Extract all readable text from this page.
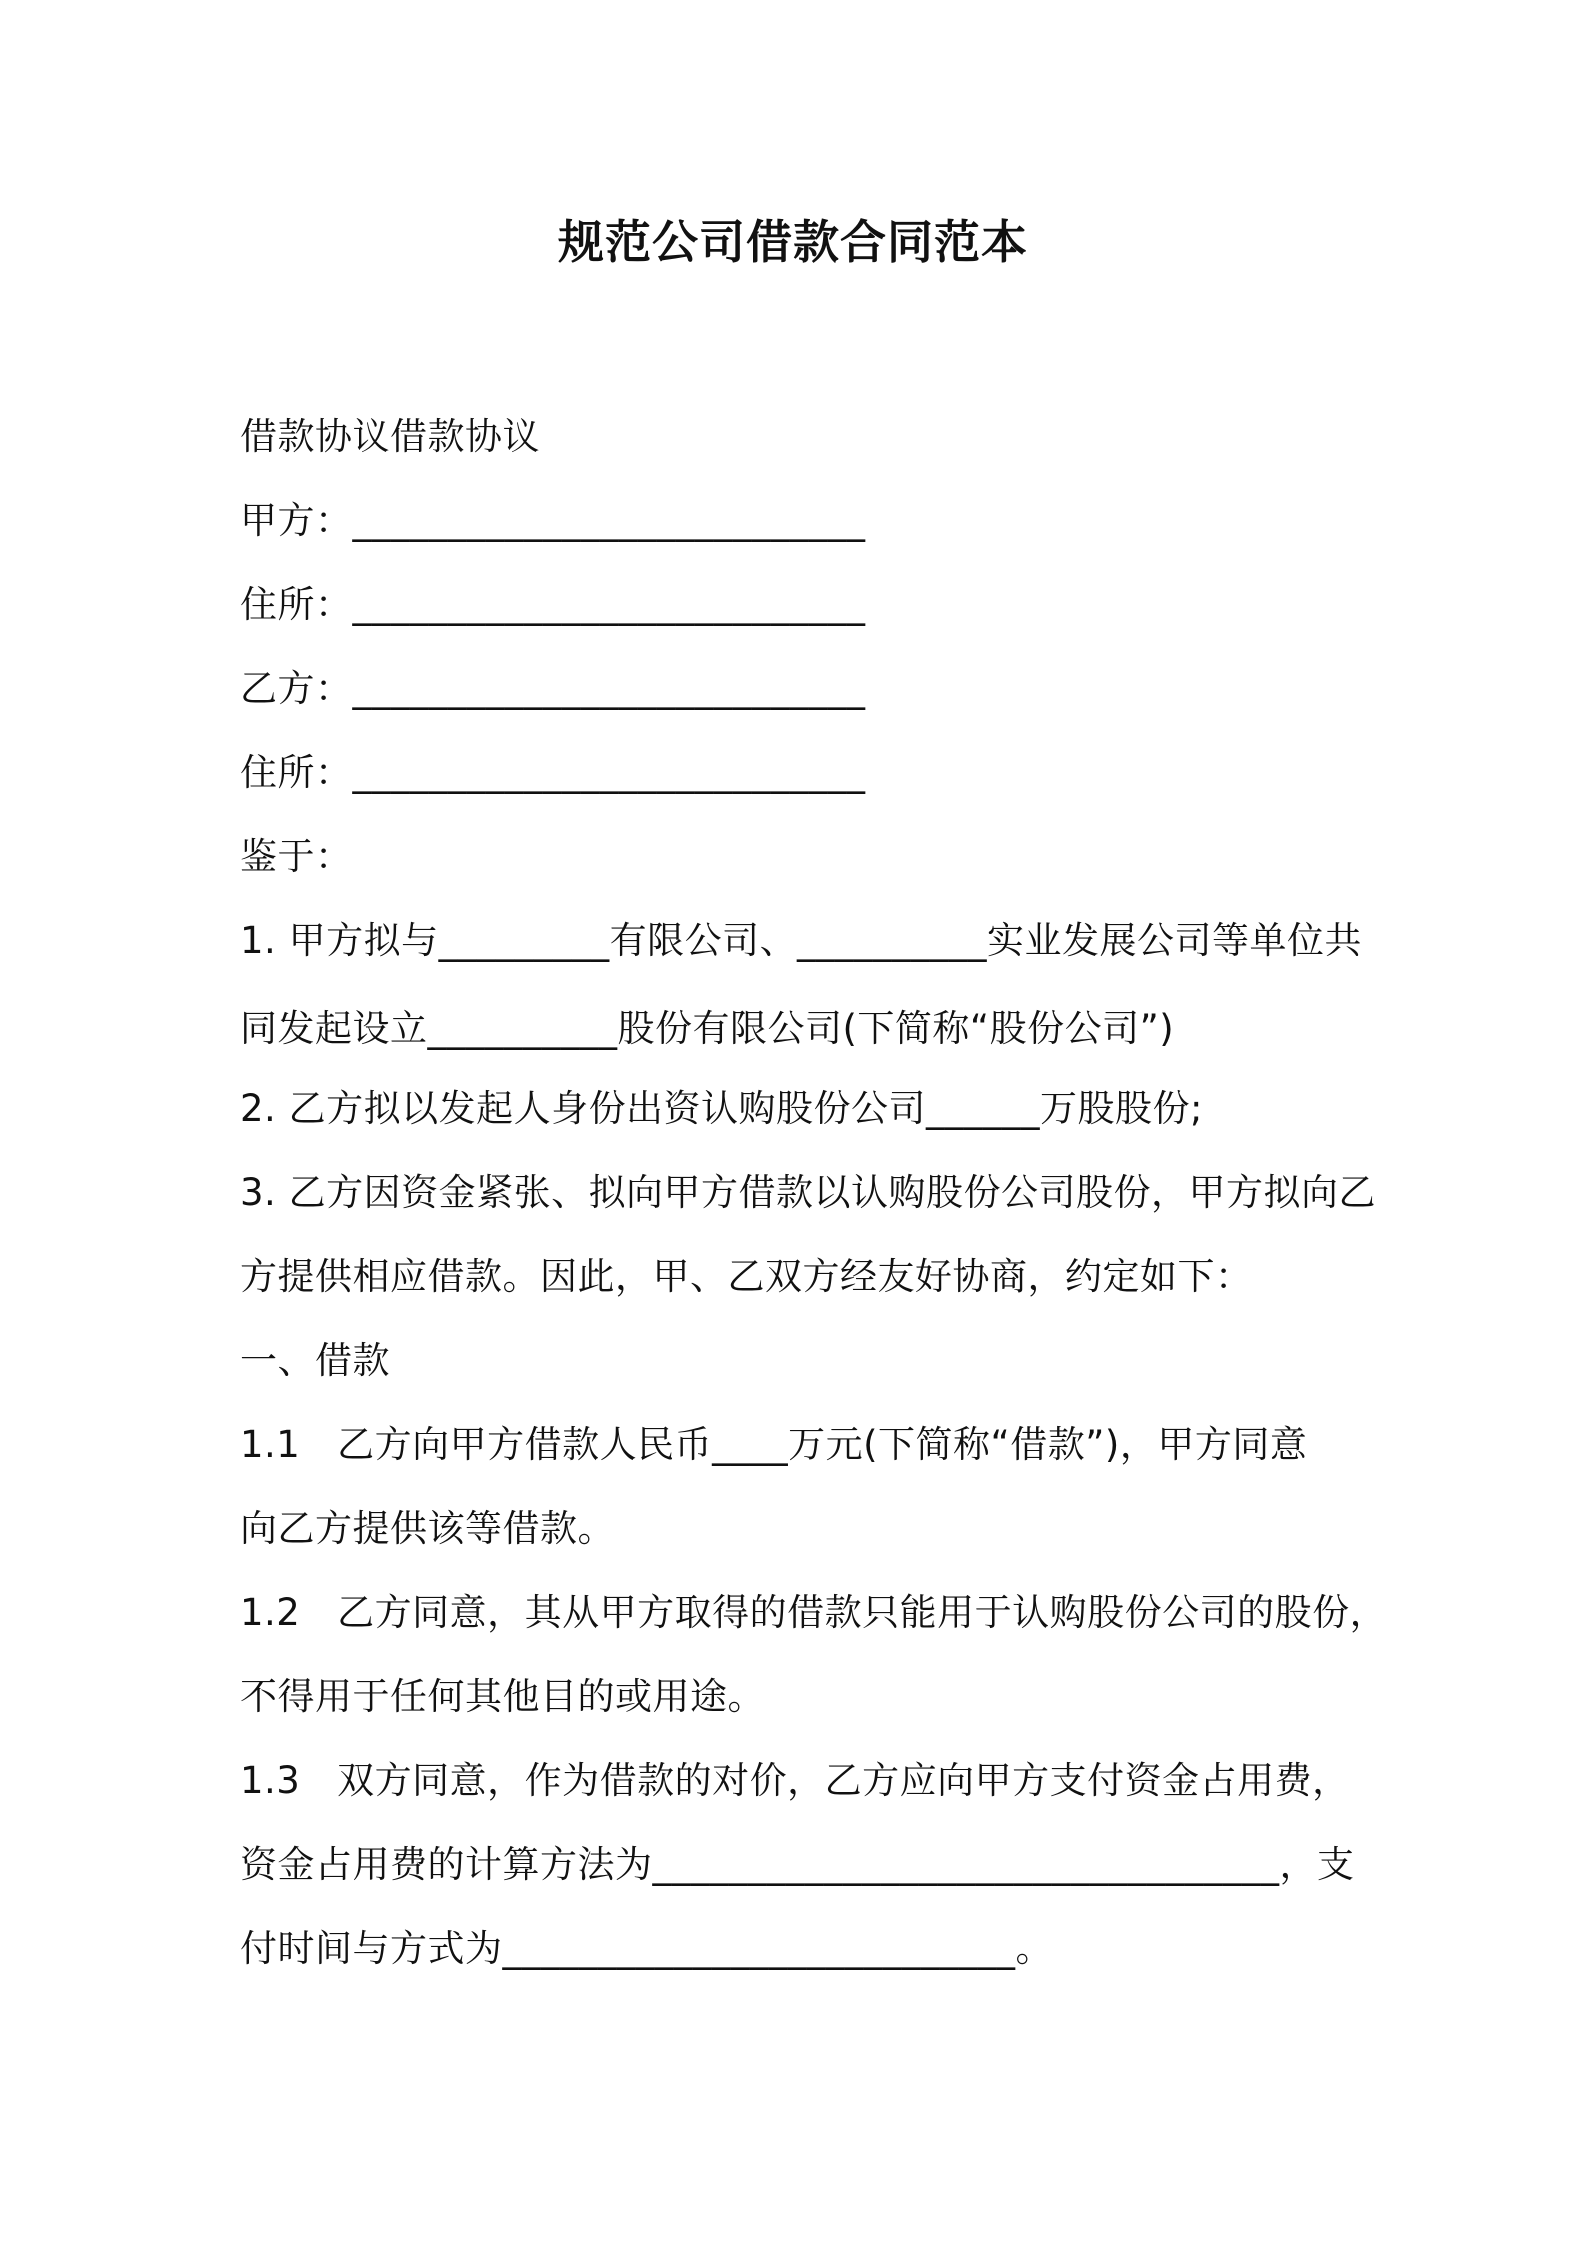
规范公司借款合同范本
借款协议借款协议
甲方：___________________________
住所：___________________________
乙方：___________________________
住所：___________________________
鉴于：
1. 甲方拟与_________有限公司、__________实业发展公司等单位共
同发起设立__________股份有限公司(下简称“股份公司”)
2. 乙方拟以发起人身份出资认购股份公司______万股股份;
3. 乙方因资金紧张、拟向甲方借款以认购股份公司股份，甲方拟向乙
方提供相应借款。因此，甲、乙双方经友好协商，约定如下：
一、借款
1.1   乙方向甲方借款人民币____万元(下简称“借款”)，甲方同意
向乙方提供该等借款。
1.2   乙方同意，其从甲方取得的借款只能用于认购股份公司的股份，
不得用于任何其他目的或用途。
1.3   双方同意，作为借款的对价，乙方应向甲方支付资金占用费，
资金占用费的计算方法为_________________________________，支
付时间与方式为___________________________。
